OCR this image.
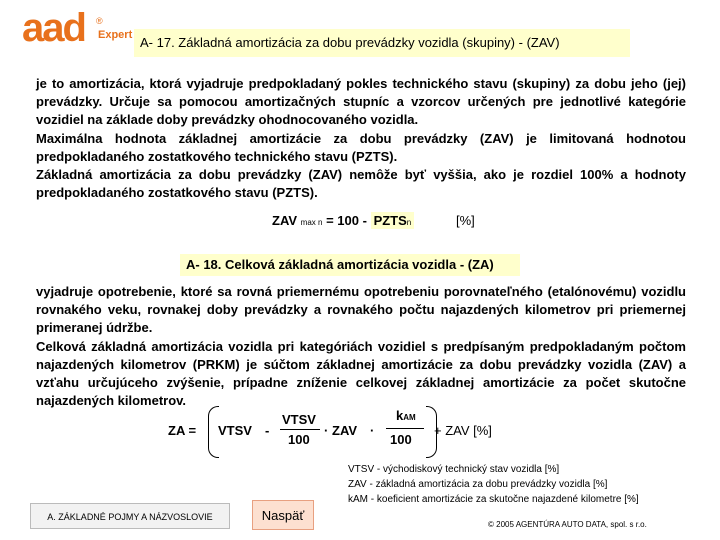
aad ®
Expert A- 17. Základná amortizácia za dobu prevádzky vozidla (skupiny) - (ZAV)
je to amortizácia, ktorá vyjadruje predpokladaný pokles technického stavu (skupiny) za dobu jeho (jej) prevádzky. Určuje sa pomocou amortizačných stupníc a vzorcov určených pre jednotlivé kategórie vozidiel na základe doby prevádzky ohodnocovaného vozidla.
Maximálna hodnota základnej amortizácie za dobu prevádzky (ZAV) je limitovaná hodnotou predpokladaného zostatkového technického stavu (PZTS).
Základná amortizácia za dobu prevádzky (ZAV) nemôže byť vyššia, ako je rozdiel 100% a hodnoty predpokladaného zostatkového stavu (PZTS).
ZAV max n = 100 - PZTSn	[%]
A- 18. Celková základná amortizácia vozidla - (ZA)
vyjadruje opotrebenie, ktoré sa rovná priemernému opotrebeniu porovnateľného (etalónovému) vozidlu rovnakého veku, rovnakej doby prevádzky a rovnakého počtu najazdených kilometrov pri priemernej primeranej údržbe.
Celková základná amortizácia vozidla pri kategóriách vozidiel s predpísaným predpokladaným počtom najazdených kilometrov (PRKM) je súčtom základnej amortizácie za dobu prevádzky vozidla (ZAV) a vzťahu určujúceho zvýšenie, prípadne zníženie celkovej základnej amortizácie za počet skutočne najazdených kilometrov.
ZA = VTSV -
VTSV
100
· ZAV ·
kAM
100
+ ZAV [%]
VTSV - východiskový technický stav vozidla [%]
ZAV - základná amortizácia za dobu prevádzky vozidla [%]
kAM - koeficient amortizácie za skutočne najazdené kilometre [%]
A. ZÁKLADNÉ POJMY A NÁZVOSLOVIE	Naspäť
© 2005 AGENTÚRA AUTO DATA, spol. s r.o.
